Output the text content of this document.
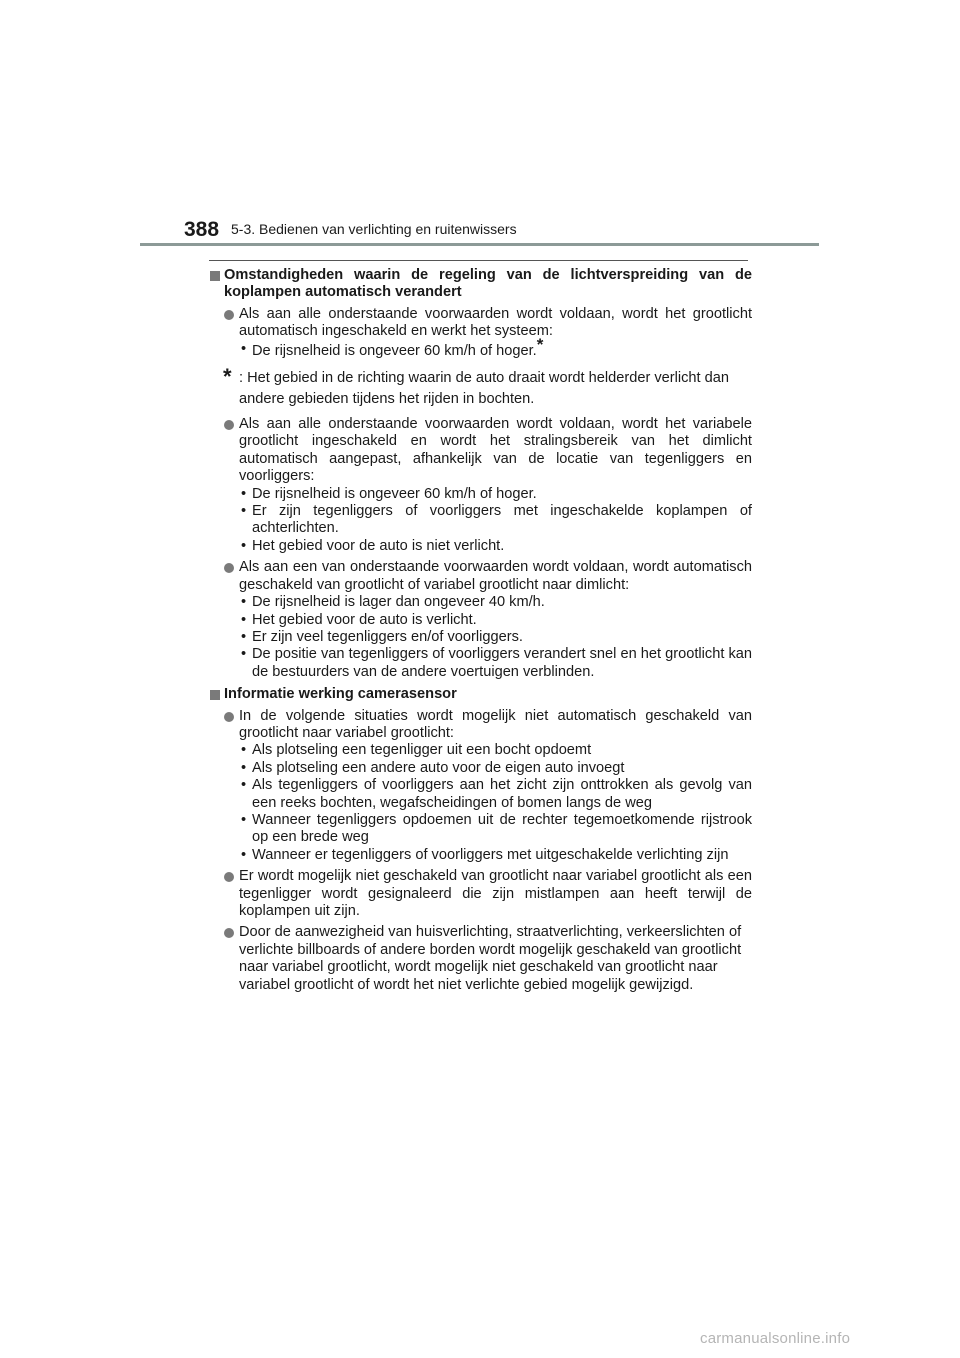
388 5-3. Bedienen van verlichting en ruitenwissers
Omstandigheden waarin de regeling van de lichtverspreiding van de koplampen automatisch verandert
Als aan alle onderstaande voorwaarden wordt voldaan, wordt het grootlicht automatisch ingeschakeld en werkt het systeem:
• De rijsnelheid is ongeveer 60 km/h of hoger.*
* : Het gebied in de richting waarin de auto draait wordt helderder verlicht dan andere gebieden tijdens het rijden in bochten.
Als aan alle onderstaande voorwaarden wordt voldaan, wordt het variabele grootlicht ingeschakeld en wordt het stralingsbereik van het dimlicht automatisch aangepast, afhankelijk van de locatie van tegenliggers en voorliggers:
• De rijsnelheid is ongeveer 60 km/h of hoger.
• Er zijn tegenliggers of voorliggers met ingeschakelde koplampen of achterlichten.
• Het gebied voor de auto is niet verlicht.
Als aan een van onderstaande voorwaarden wordt voldaan, wordt automatisch geschakeld van grootlicht of variabel grootlicht naar dimlicht:
• De rijsnelheid is lager dan ongeveer 40 km/h.
• Het gebied voor de auto is verlicht.
• Er zijn veel tegenliggers en/of voorliggers.
• De positie van tegenliggers of voorliggers verandert snel en het grootlicht kan de bestuurders van de andere voertuigen verblinden.
Informatie werking camerasensor
In de volgende situaties wordt mogelijk niet automatisch geschakeld van grootlicht naar variabel grootlicht:
• Als plotseling een tegenligger uit een bocht opdoemt
• Als plotseling een andere auto voor de eigen auto invoegt
• Als tegenliggers of voorliggers aan het zicht zijn onttrokken als gevolg van een reeks bochten, wegafscheidingen of bomen langs de weg
• Wanneer tegenliggers opdoemen uit de rechter tegemoetkomende rijstrook op een brede weg
• Wanneer er tegenliggers of voorliggers met uitgeschakelde verlichting zijn
Er wordt mogelijk niet geschakeld van grootlicht naar variabel grootlicht als een tegenligger wordt gesignaleerd die zijn mistlampen aan heeft terwijl de koplampen uit zijn.
Door de aanwezigheid van huisverlichting, straatverlichting, verkeerslichten of verlichte billboards of andere borden wordt mogelijk geschakeld van grootlicht naar variabel grootlicht, wordt mogelijk niet geschakeld van grootlicht naar variabel grootlicht of wordt het niet verlichte gebied mogelijk gewijzigd.
carmanualsonline.info
